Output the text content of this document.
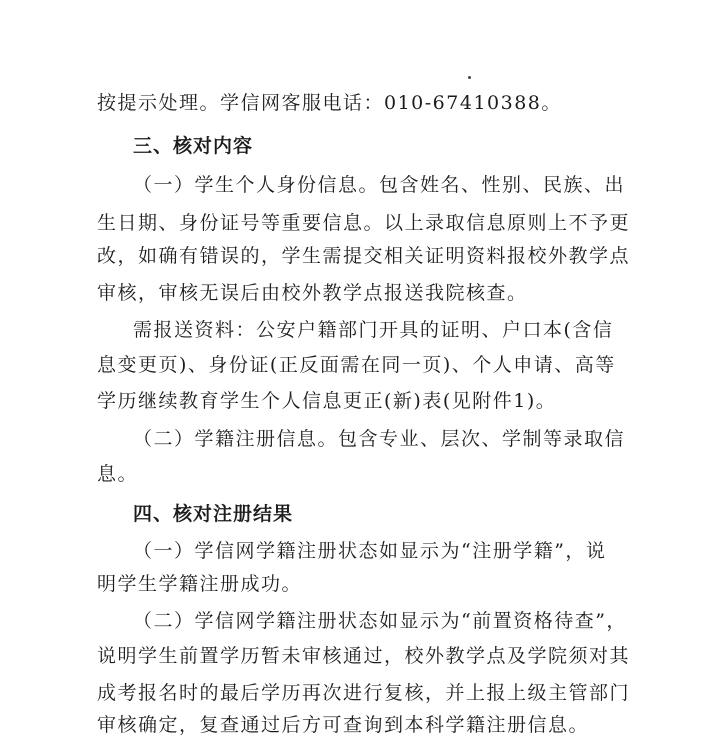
按提示处理。学信网客服电话：010-67410388。
三、核对内容
（一）学生个人身份信息。包含姓名、性别、民族、出
生日期、身份证号等重要信息。以上录取信息原则上不予更
改，如确有错误的，学生需提交相关证明资料报校外教学点
审核，审核无误后由校外教学点报送我院核查。
需报送资料：公安户籍部门开具的证明、户口本(含信
息变更页)、身份证(正反面需在同一页)、个人申请、高等
学历继续教育学生个人信息更正(新)表(见附件1)。
（二）学籍注册信息。包含专业、层次、学制等录取信
息。
四、核对注册结果
（一）学信网学籍注册状态如显示为“注册学籍”，说
明学生学籍注册成功。
（二）学信网学籍注册状态如显示为“前置资格待查”，
说明学生前置学历暂未审核通过，校外教学点及学院须对其
成考报名时的最后学历再次进行复核，并上报上级主管部门
审核确定，复查通过后方可查询到本科学籍注册信息。
